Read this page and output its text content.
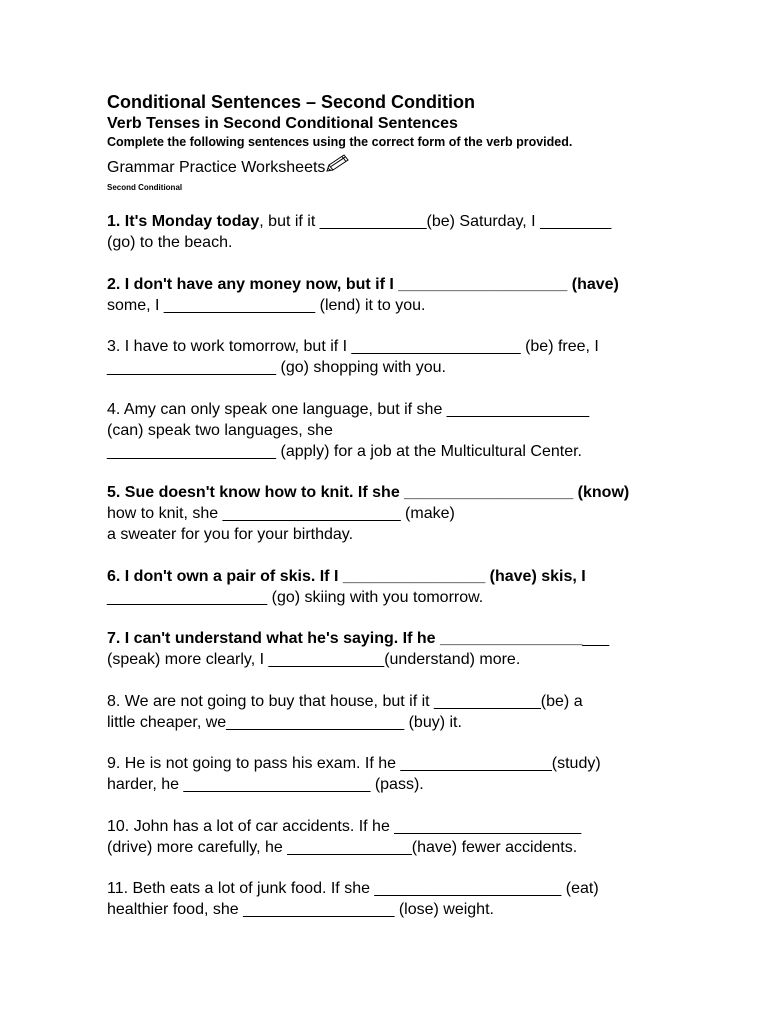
Conditional Sentences – Second Condition
Verb Tenses in Second Conditional Sentences

Complete the following sentences using the correct form of the verb provided.

Grammar Practice Worksheets
Second Conditional
1. It's Monday today, but if it ____________(be) Saturday, I ________
(go) to the beach.
2. I don't have any money now, but if I ___________________ (have)
some, I _________________ (lend) it to you.
3. I have to work tomorrow, but if I ___________________ (be) free, I
___________________ (go) shopping with you.
4. Amy can only speak one language, but if she ________________
(can) speak two languages, she
___________________ (apply) for a job at the Multicultural Center.
5. Sue doesn't know how to knit. If she ___________________ (know)
how to knit, she ____________________ (make)
a sweater for you for your birthday.
6. I don't own a pair of skis. If I ________________ (have) skis, I
__________________ (go) skiing with you tomorrow.
7. I can't understand what he's saying. If he ___________________
(speak) more clearly, I _____________(understand) more.
8. We are not going to buy that house, but if it ____________(be) a
little cheaper, we____________________ (buy) it.
9. He is not going to pass his exam. If he _________________(study)
harder, he _____________________ (pass).
10. John has a lot of car accidents. If he _____________________
(drive) more carefully, he ______________(have) fewer accidents.
11. Beth eats a lot of junk food. If she _____________________ (eat)
healthier food, she _________________ (lose) weight.
